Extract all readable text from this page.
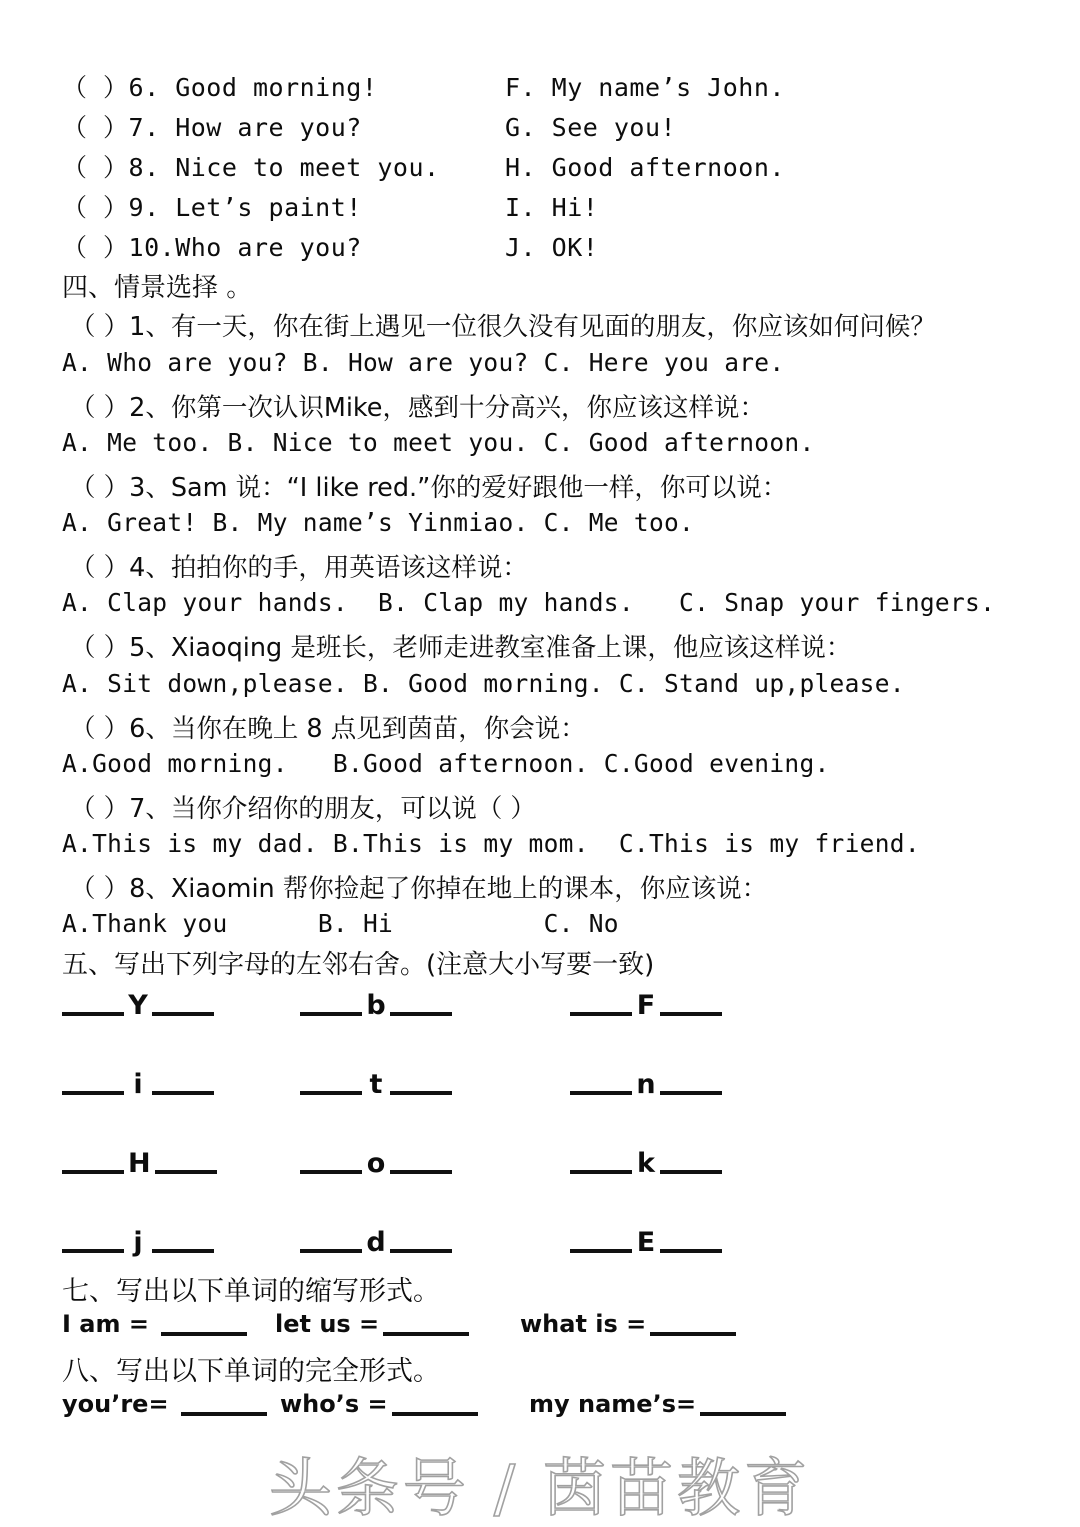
（ ）6. Good morning!	F. My name’s John.
（ ）7. How are you?	G. See you!
（ ）8. Nice to meet you.	H. Good afternoon.
（ ）9. Let’s paint!	I. Hi!
（ ）10.Who are you?	J. OK!
四、情景选择 。
（ ）1、有一天，你在街上遇见一位很久没有见面的朋友，你应该如何问候？
A. Who are you? B. How are you? C. Here you are.
（ ）2、你第一次认识Mike，感到十分高兴，你应该这样说：
A. Me too. B. Nice to meet you. C. Good afternoon.
（ ）3、Sam 说：“I like red.”你的爱好跟他一样，你可以说：
A. Great! B. My name’s Yinmiao. C. Me too.
（ ）4、拍拍你的手，用英语该这样说：
A. Clap your hands.  B. Clap my hands.   C. Snap your fingers.
（ ）5、Xiaoqing 是班长，老师走进教室准备上课，他应该这样说：
A. Sit down,please. B. Good morning. C. Stand up,please.
（ ）6、当你在晚上 8 点见到茵苗，你会说：
A.Good morning.   B.Good afternoon. C.Good evening.
（ ）7、当你介绍你的朋友，可以说（ ）
A.This is my dad. B.This is my mom.  C.This is my friend.
（ ）8、Xiaomin 帮你捡起了你掉在地上的课本，你应该说：
A.Thank you      B. Hi          C. No
五、写出下列字母的左邻右舍。(注意大小写要一致)
Y	b	F
i	t	n
H	o	k
j	d	E
七、写出以下单词的缩写形式。
I am =	let us =	what is =
八、写出以下单词的完全形式。
you’re=	who’s =	my name’s=
头条号 / 茵苗教育
